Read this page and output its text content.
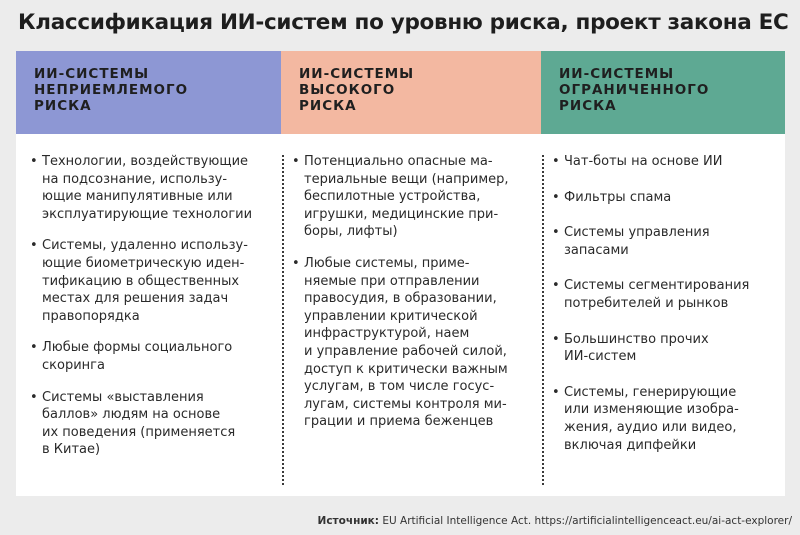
Классификация ИИ-систем по уровню риска, проект закона ЕС
ИИ-СИСТЕМЫ
НЕПРИЕМЛЕМОГО
РИСКА
ИИ-СИСТЕМЫ
ВЫСОКОГО
РИСКА
ИИ-СИСТЕМЫ
ОГРАНИЧЕННОГО
РИСКА
• Технологии, воздействующие
на подсознание, использу-
ющие манипулятивные или
эксплуатирующие технологии
• Системы, удаленно использу-
ющие биометрическую иден-
тификацию в общественных
местах для решения задач
правопорядка
• Любые формы социального
скоринга
• Системы «выставления
баллов» людям на основе
их поведения (применяется
в Китае)
• Потенциально опасные ма-
териальные вещи (например,
беспилотные устройства,
игрушки, медицинские при-
боры, лифты)
• Любые системы, приме-
няемые при отправлении
правосудия, в образовании,
управлении критической
инфраструктурой, наем
и управление рабочей силой,
доступ к критически важным
услугам, в том числе госус-
лугам, системы контроля ми-
грации и приема беженцев
• Чат-боты на основе ИИ
• Фильтры спама
• Системы управления
запасами
• Системы сегментирования
потребителей и рынков
• Большинство прочих
ИИ-систем
• Системы, генерирующие
или изменяющие изобра-
жения, аудио или видео,
включая дипфейки
Источник: EU Artificial Intelligence Act. https://artificialintelligenceact.eu/ai-act-explorer/
